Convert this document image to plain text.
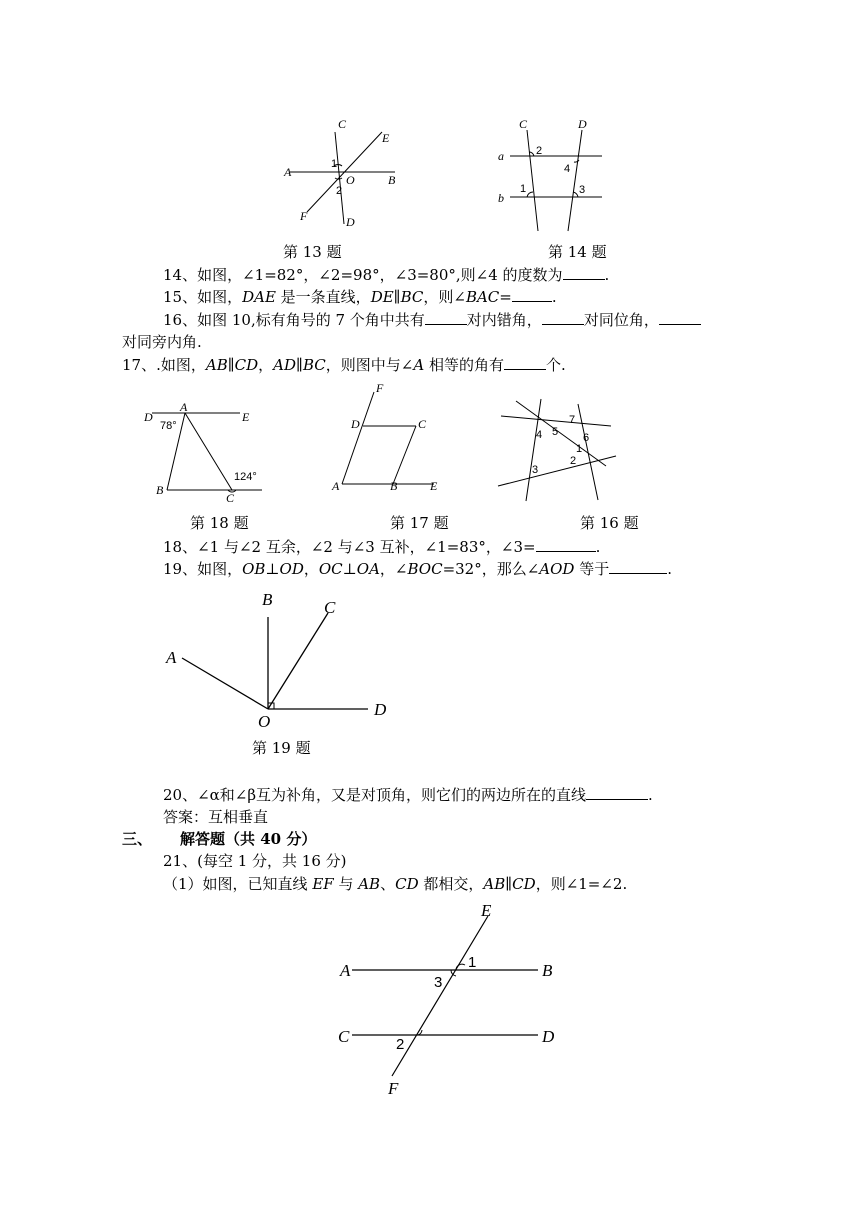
C
E
A
1
O	B
2
F	D
第 13 题
C	D
a	2
4
b
1	3
第 14 题
14、如图，∠1=82°，∠2=98°，∠3=80°,则∠4 的度数为	.
15、如图，DAE 是一条直线，DE∥BC，则∠BAC=	.
16、如图 10,标有角号的 7 个角中共有	对内错角，	对同位角，
对同旁内角.
17、.如图，AB∥CD，AD∥BC，则图中与∠A 相等的角有	个.
D
A
E
78°
B
C
124°
第 18 题
F
D	C
A	B	E
第 17 题
7
4 5 6
1
2
3
第 16 题
18、∠1 与∠2 互余，∠2 与∠3 互补，∠1=83°，∠3=	.
19、如图，OB⊥OD，OC⊥OA，∠BOC=32°，那么∠AOD 等于	.
B	C
A
O
D
第 19 题
20、∠α和∠β互为补角，又是对顶角，则它们的两边所在的直线	.
答案：互相垂直
三、 解答题（共 40 分）
21、(每空 1 分，共 16 分)
（1）如图，已知直线 EF 与 AB、CD 都相交，AB∥CD，则∠1=∠2.
E
A	1
3
B
C	2	D
F
